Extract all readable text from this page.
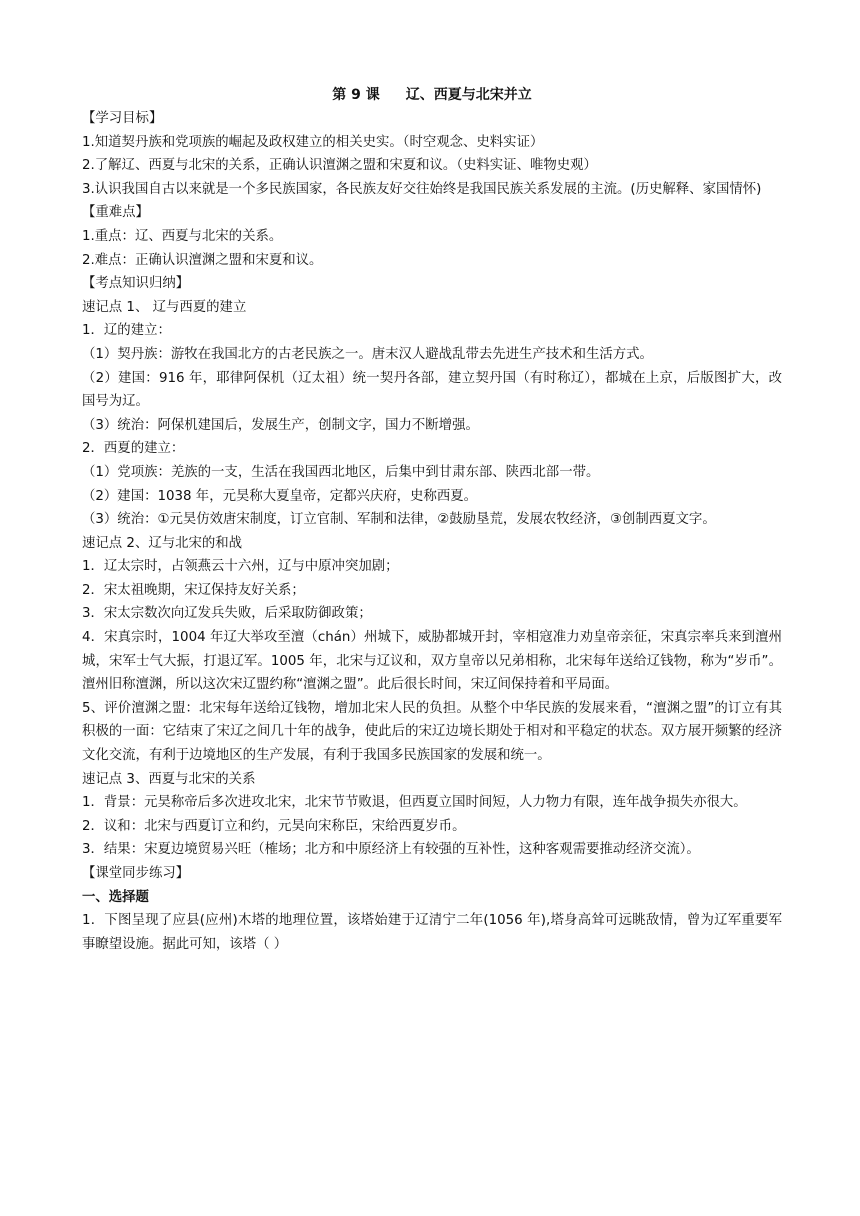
第 9 课 辽、西夏与北宋并立

【学习目标】

1.知道契丹族和党项族的崛起及政权建立的相关史实。（时空观念、史料实证）

2.了解辽、西夏与北宋的关系，正确认识澶渊之盟和宋夏和议。（史料实证、唯物史观）

3.认识我国自古以来就是一个多民族国家，各民族友好交往始终是我国民族关系发展的主流。(历史解释、家国情怀)

【重难点】

1.重点：辽、西夏与北宋的关系。

2.难点：正确认识澶渊之盟和宋夏和议。

【考点知识归纳】

速记点 1、 辽与西夏的建立

1．辽的建立：

（1）契丹族：游牧在我国北方的古老民族之一。唐末汉人避战乱带去先进生产技术和生活方式。

（2）建国：916 年，耶律阿保机（辽太祖）统一契丹各部，建立契丹国（有时称辽），都城在上京，后版图扩大，改国号为辽。

（3）统治：阿保机建国后，发展生产，创制文字，国力不断增强。

2．西夏的建立：

（1）党项族：羌族的一支，生活在我国西北地区，后集中到甘肃东部、陕西北部一带。

（2）建国：1038 年，元昊称大夏皇帝，定都兴庆府，史称西夏。

（3）统治：①元昊仿效唐宋制度，订立官制、军制和法律，②鼓励垦荒，发展农牧经济，③创制西夏文字。

速记点 2、辽与北宋的和战

1．辽太宗时，占领燕云十六州，辽与中原冲突加剧；

2．宋太祖晚期，宋辽保持友好关系；

3．宋太宗数次向辽发兵失败，后采取防御政策；

4．宋真宗时，1004 年辽大举攻至澶（chán）州城下，威胁都城开封，宰相寇准力劝皇帝亲征，宋真宗率兵来到澶州城，宋军士气大振，打退辽军。1005 年，北宋与辽议和，双方皇帝以兄弟相称，北宋每年送给辽钱物，称为“岁币”。澶州旧称澶渊，所以这次宋辽盟约称“澶渊之盟”。此后很长时间，宋辽间保持着和平局面。

5、评价澶渊之盟：北宋每年送给辽钱物，增加北宋人民的负担。从整个中华民族的发展来看，“澶渊之盟”的订立有其积极的一面：它结束了宋辽之间几十年的战争，使此后的宋辽边境长期处于相对和平稳定的状态。双方展开频繁的经济文化交流，有利于边境地区的生产发展，有利于我国多民族国家的发展和统一。

速记点 3、西夏与北宋的关系

1．背景：元昊称帝后多次进攻北宋，北宋节节败退，但西夏立国时间短，人力物力有限，连年战争损失亦很大。

2．议和：北宋与西夏订立和约，元昊向宋称臣，宋给西夏岁币。

3．结果：宋夏边境贸易兴旺（榷场；北方和中原经济上有较强的互补性，这种客观需要推动经济交流）。

【课堂同步练习】

一、选择题

1．下图呈现了应县(应州)木塔的地理位置，该塔始建于辽清宁二年(1056 年),塔身高耸可远眺敌情，曾为辽军重要军事瞭望设施。据此可知，该塔（ ）
